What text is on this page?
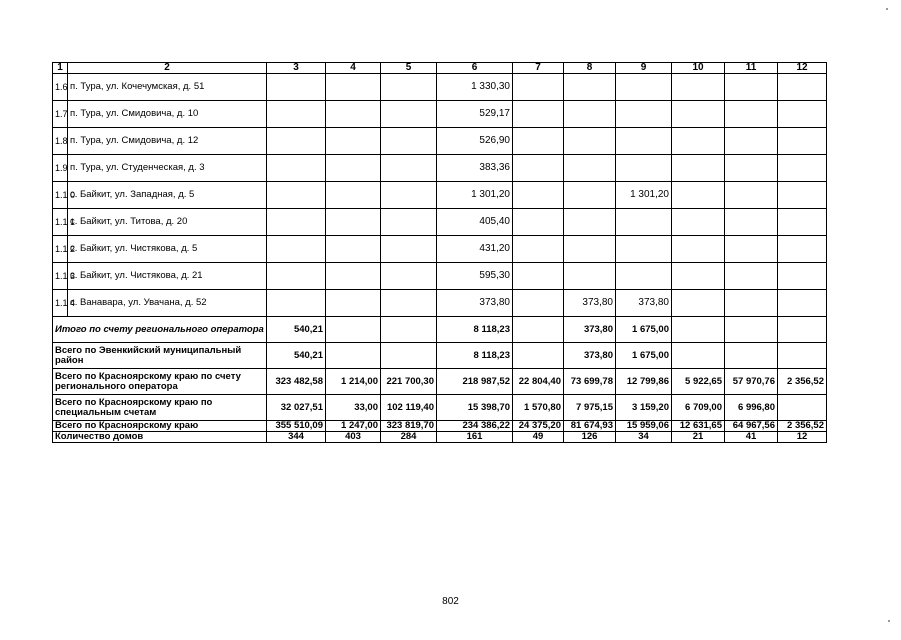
1	2	3	4	5	6	7	8	9	10	11	12
1.6	п. Тура, ул. Кочечумская, д. 51				1 330,30						
1.7	п. Тура, ул. Смидовича, д. 10				529,17						
1.8	п. Тура, ул. Смидовича, д. 12				526,90						
1.9	п. Тура, ул. Студенческая, д. 3				383,36						
1.1 0	с. Байкит, ул. Западная, д. 5				1 301,20			1 301,20			
1.1 1	с. Байкит, ул. Титова, д. 20				405,40						
1.1 2	с. Байкит, ул. Чистякова, д. 5				431,20						
1.1 3	с. Байкит, ул. Чистякова, д. 21				595,30						
1.1 4	с. Ванавара, ул. Увачана, д. 52				373,80		373,80	373,80			
Итого по счету регионального оператора		540,21			8 118,23		373,80	1 675,00			
Всего по Эвенкийский муниципальный район		540,21			8 118,23		373,80	1 675,00			
Всего по Красноярскому краю по счету регионального оператора		323 482,58	1 214,00	221 700,30	218 987,52	22 804,40	73 699,78	12 799,86	5 922,65	57 970,76	2 356,52
Всего по Красноярскому краю по специальным счетам		32 027,51	33,00	102 119,40	15 398,70	1 570,80	7 975,15	3 159,20	6 709,00	6 996,80	
Всего по Красноярскому краю		355 510,09	1 247,00	323 819,70	234 386,22	24 375,20	81 674,93	15 959,06	12 631,65	64 967,56	2 356,52
Количество домов		344	403	284	161	49	126	34	21	41	12
802
